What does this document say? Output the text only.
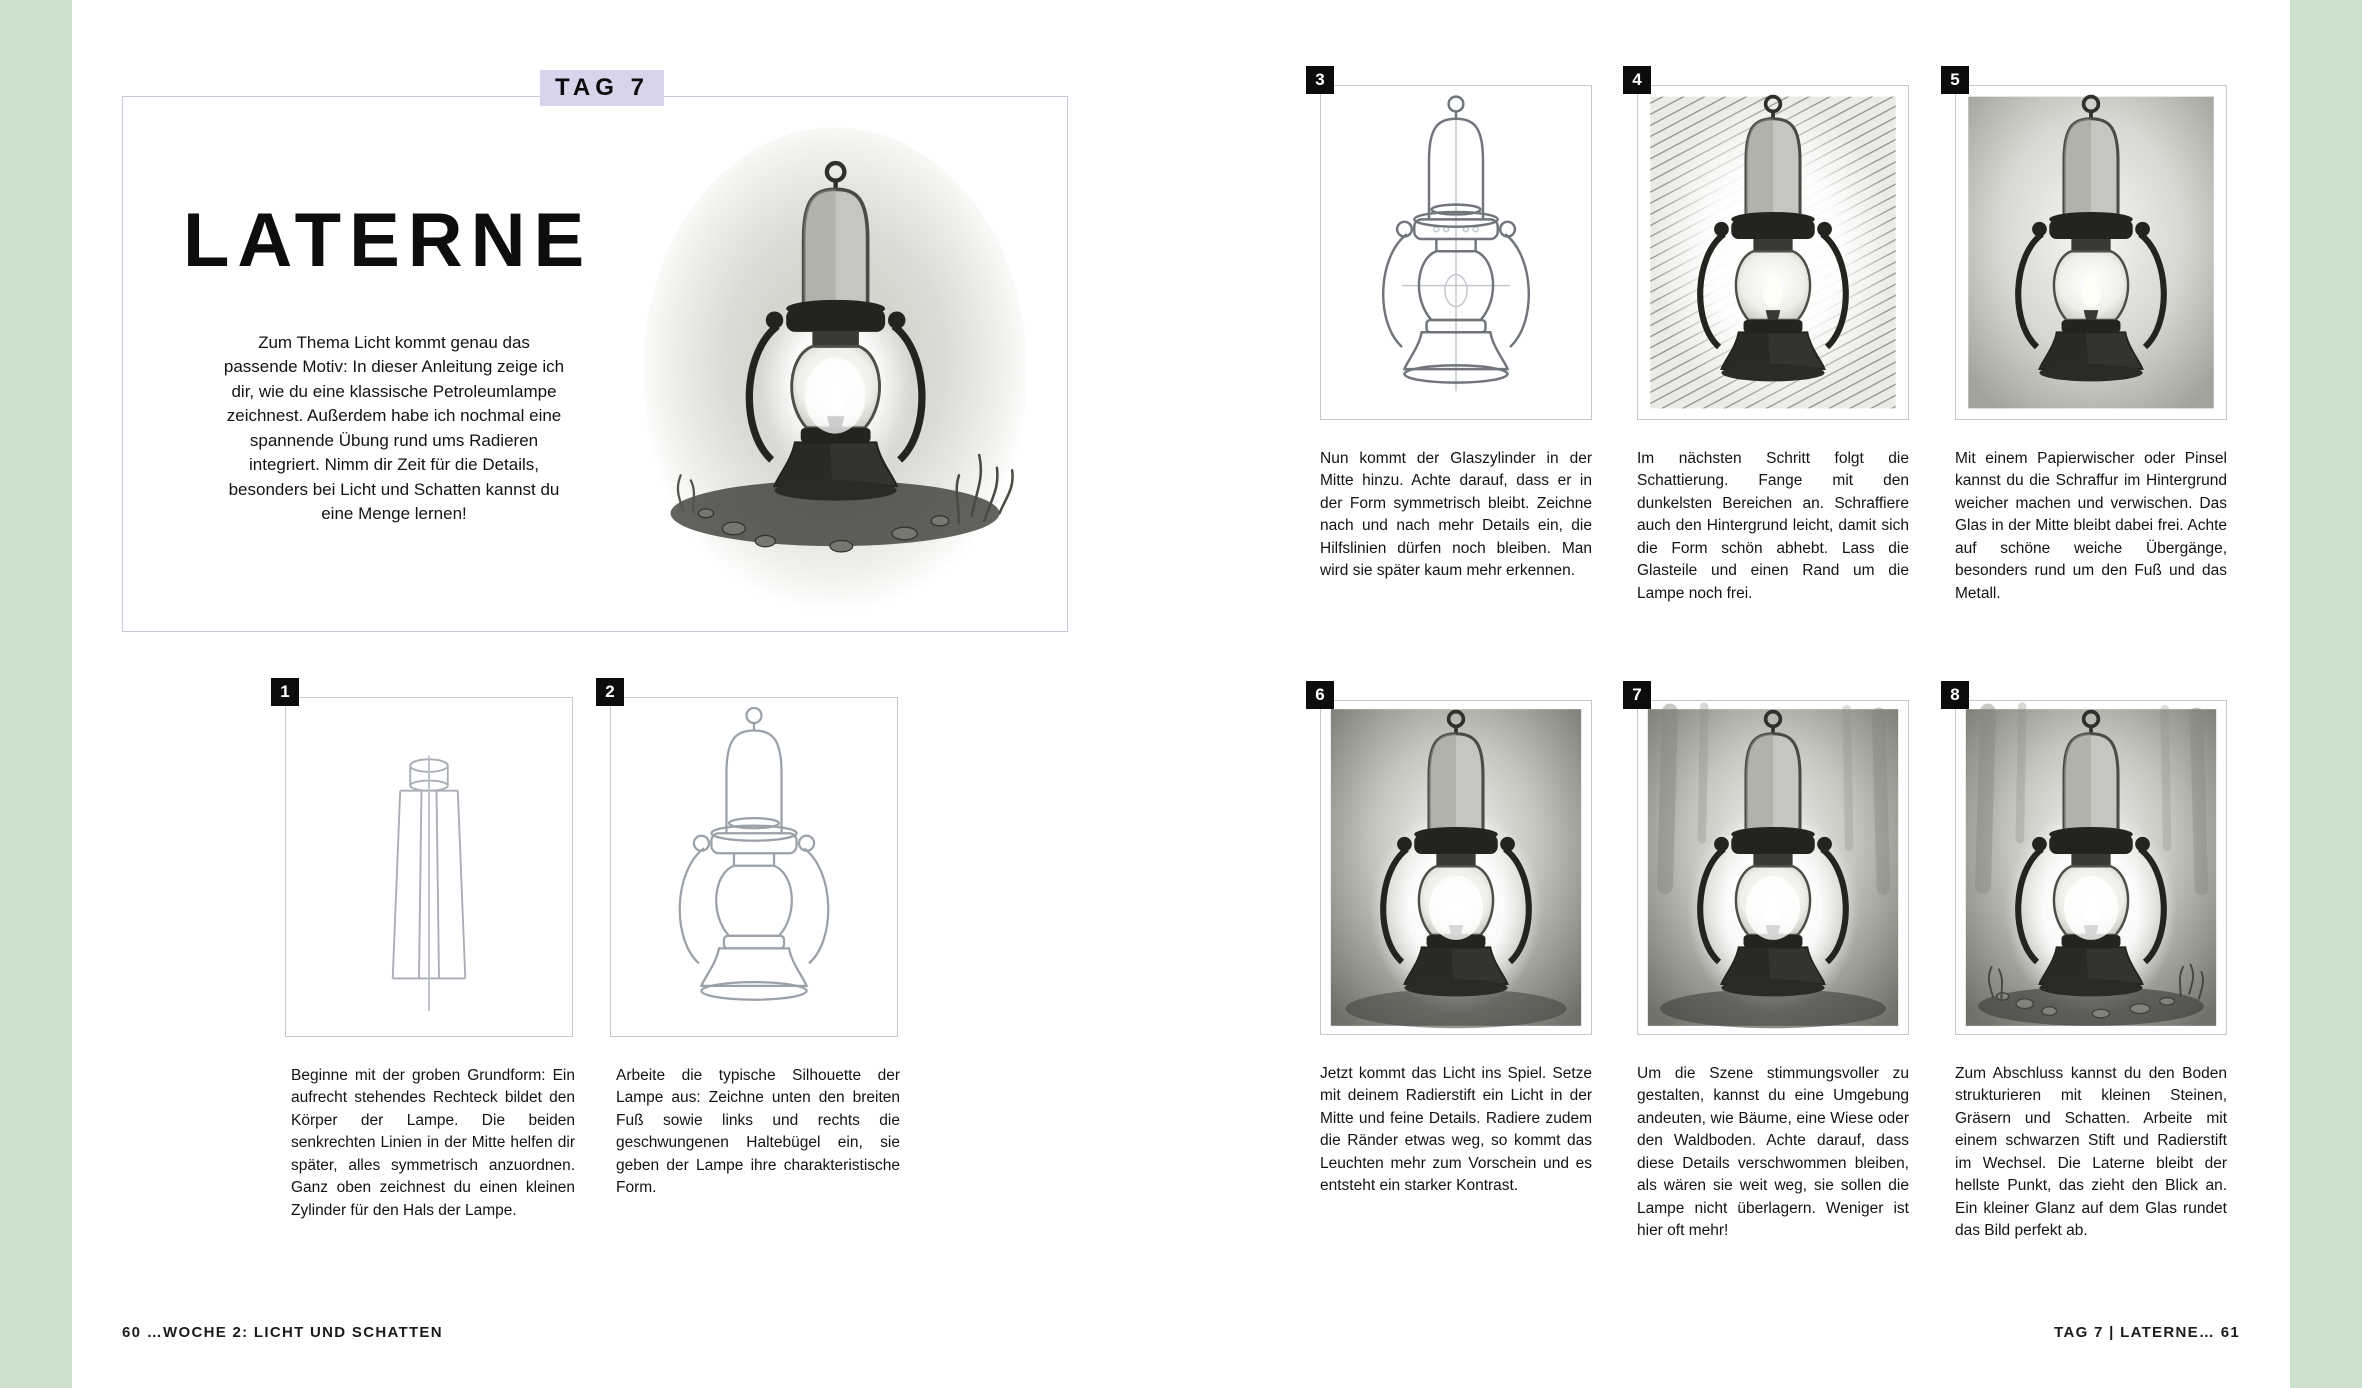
TAG 7
LATERNE

Zum Thema Licht kommt genau das passende Motiv: In dieser Anleitung zeige ich dir, wie du eine klassische Petroleumlampe zeichnest. Außerdem habe ich nochmal eine spannende Übung rund ums Radieren integriert. Nimm dir Zeit für die Details, besonders bei Licht und Schatten kannst du eine Menge lernen!

1

Beginne mit der groben Grundform: Ein aufrecht stehendes Rechteck bildet den Körper der Lampe. Die beiden senkrechten Linien in der Mitte helfen dir später, alles symmetrisch anzuordnen. Ganz oben zeichnest du einen kleinen Zylinder für den Hals der Lampe.

2

Arbeite die typische Silhouette der Lampe aus: Zeichne unten den breiten Fuß sowie links und rechts die geschwungenen Haltebügel ein, sie geben der Lampe ihre charakteristische Form.

60 …WOCHE 2: LICHT UND SCHATTEN
3

Nun kommt der Glaszylinder in der Mitte hinzu. Achte darauf, dass er in der Form symmetrisch bleibt. Zeichne nach und nach mehr Details ein, die Hilfslinien dürfen noch bleiben. Man wird sie später kaum mehr erkennen.

4

Im nächsten Schritt folgt die Schattierung. Fange mit den dunkelsten Bereichen an. Schraffiere auch den Hintergrund leicht, damit sich die Form schön abhebt. Lass die Glasteile und einen Rand um die Lampe noch frei.

5

Mit einem Papierwischer oder Pinsel kannst du die Schraffur im Hintergrund weicher machen und verwischen. Das Glas in der Mitte bleibt dabei frei. Achte auf schöne weiche Übergänge, besonders rund um den Fuß und das Metall.

6

Jetzt kommt das Licht ins Spiel. Setze mit deinem Radierstift ein Licht in der Mitte und feine Details. Radiere zudem die Ränder etwas weg, so kommt das Leuchten mehr zum Vorschein und es entsteht ein starker Kontrast.

7

Um die Szene stimmungsvoller zu gestalten, kannst du eine Umgebung andeuten, wie Bäume, eine Wiese oder den Waldboden. Achte darauf, dass diese Details verschwommen bleiben, als wären sie weit weg, sie sollen die Lampe nicht überlagern. Weniger ist hier oft mehr!

8

Zum Abschluss kannst du den Boden strukturieren mit kleinen Steinen, Gräsern und Schatten. Arbeite mit einem schwarzen Stift und Radierstift im Wechsel. Die Laterne bleibt der hellste Punkt, das zieht den Blick an. Ein kleiner Glanz auf dem Glas rundet das Bild perfekt ab.

TAG 7 | LATERNE… 61
